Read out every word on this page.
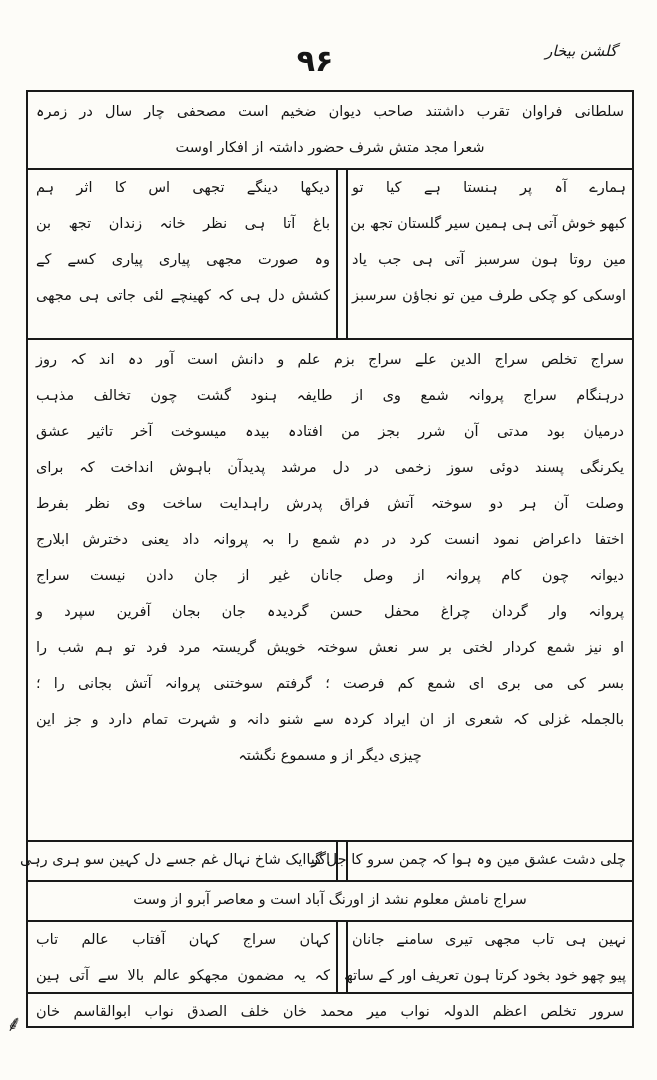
۹۶	گلشن بیخار
سلطانی فراوان تقرب داشتند صاحب دیوان ضخیم است مصحفی چار سال در زمرہ
شعرا مجد متش شرف حضور داشتہ از افکار اوست
ہمارے آہ پر ہنستا ہے کیا تو
کبھو خوش آتی ہی ہمین سیر گلستان تجھ بن
مین روتا ہون سرسبز آتی ہی جب یاد
اوسکی کو چکی طرف مین تو نجاؤن سرسبز
دیکھا دینگے تجھی اس کا اثر ہم
باغ آتا ہی نظر خانہ زندان تجھ بن
وہ صورت مجھی پیاری پیاری کسے کے
کشش دل ہی کہ کھینچے لئی جاتی ہی مجھی
سراج تخلص سراج الدین علے سراج بزم علم و دانش است آور دہ اند کہ روز
درہنگام سراج پروانہ شمع وی از طایفہ ہنود گشت چون تخالف مذہب
درمیان بود مدتی آن شرر بجز من افتادہ بیدہ میسوخت آخر تاثیر عشق
یکرنگی پسند دوئی سوز زخمی در دل مرشد پدیدآن باہوش انداخت کہ برای
وصلت آن ہر دو سوختہ آتش فراق پدرش راہدایت ساخت وی نظر بفرط
اختفا داعراض نمود انست کرد در دم شمع را بہ پروانہ داد یعنی دخترش ابلارج
دیوانہ چون کام پروانہ از وصل جانان غیر از جان دادن نیست سراج
پروانہ وار گردان چراغ محفل حسن گردیدہ جان بجان آفرین سپرد و
او نیز شمع کردار لختی بر سر نعش سوختہ خویش گریستہ مرد فرد تو ہم شب را
بسر کی می بری ای شمع کم فرصت ؛ گرفتم سوختنی پروانہ آتش بجانی را ؛
بالجملہ غزلی کہ شعری از ان ایراد کردہ سے شنو دانہ و شہرت تمام دارد و جز این
چیزی دیگر از و مسموع نگشتہ
چلی دشت عشق مین وہ ہوا کہ چمن سرو کا جل گیا
اگر ایک شاخ نہال غم جسے دل کہین سو ہری رہی
سراج نامش معلوم نشد از اورنگ آباد است و معاصر آبرو از وست
نہین ہی تاب مجھی تیری سامنے جانان
پیو چھو خود بخود کرتا ہون تعریف اور کے ساتھ
کہان سراج کہان آفتاب عالم تاب
کہ یہ مضمون مجھکو عالم بالا سے آتی ہین
سرور تخلص اعظم الدولہ نواب میر محمد خان خلف الصدق نواب ابوالقاسم خان
⸙
